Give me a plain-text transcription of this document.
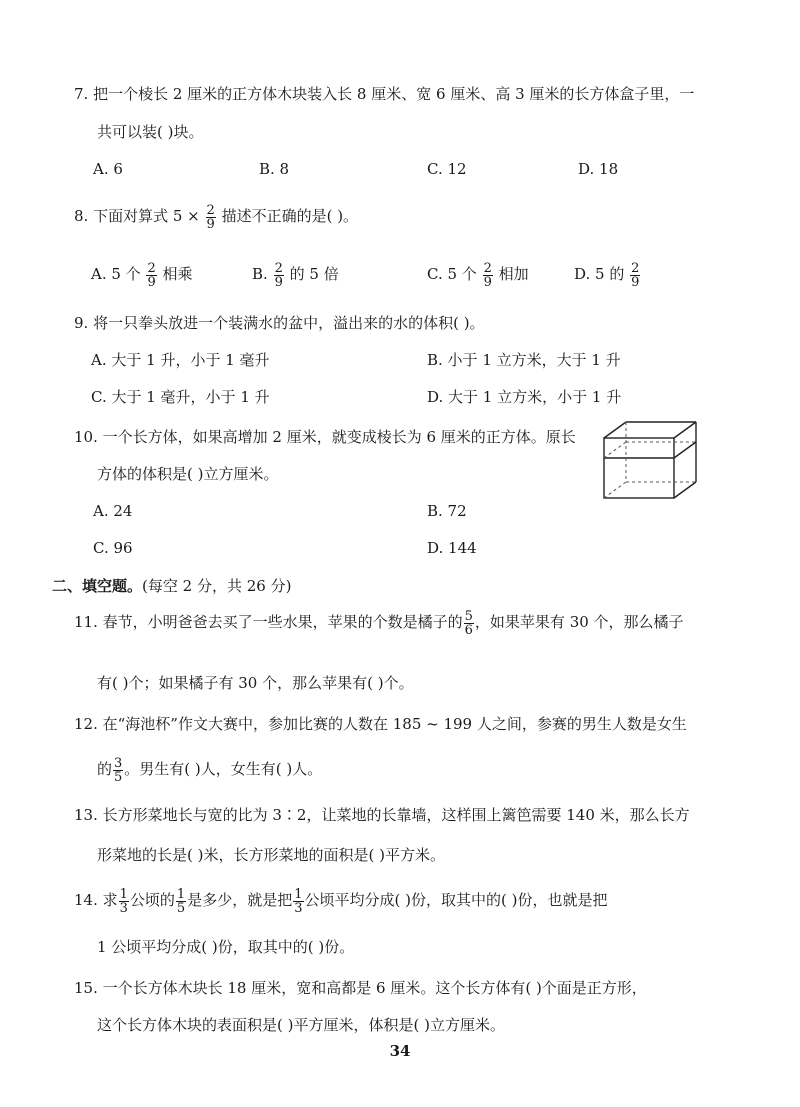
7. 把一个棱长 2 厘米的正方体木块装入长 8 厘米、宽 6 厘米、高 3 厘米的长方体盒子里，一
共可以装( )块。
A. 6	B. 8	C. 12	D. 18
8. 下面对算式 $5 \times \frac{2}{9}$ 描述不正确的是( )。
A. 5 个 $\frac{2}{9}$ 相乘	B. $\frac{2}{9}$ 的 5 倍	C. 5 个 $\frac{2}{9}$ 相加	D. 5 的 $\frac{2}{9}$
9. 将一只拳头放进一个装满水的盆中，溢出来的水的体积( )。
A. 大于 1 升，小于 1 毫升	B. 小于 1 立方米，大于 1 升
C. 大于 1 毫升，小于 1 升	D. 大于 1 立方米，小于 1 升
10. 一个长方体，如果高增加 2 厘米，就变成棱长为 6 厘米的正方体。原长
方体的体积是( )立方厘米。
A. 24	B. 72
C. 96	D. 144
二、填空题。(每空 2 分，共 26 分)
11. 春节，小明爸爸去买了一些水果，苹果的个数是橘子的 $\frac{5}{6}$ ，如果苹果有 30 个，那么橘子
有( )个；如果橘子有 30 个，那么苹果有( )个。
12. 在“海池杯”作文大赛中，参加比赛的人数在 185 ~ 199 人之间，参赛的男生人数是女生
的 $\frac{3}{5}$ 。男生有( )人，女生有( )人。
13. 长方形菜地长与宽的比为 3∶2，让菜地的长靠墙，这样围上篱笆需要 140 米，那么长方
形菜地的长是( )米，长方形菜地的面积是( )平方米。
14. 求 $\frac{1}{3}$ 公顷的 $\frac{1}{5}$ 是多少，就是把 $\frac{1}{3}$ 公顷平均分成( )份，取其中的( )份，也就是把
1 公顷平均分成( )份，取其中的( )份。
15. 一个长方体木块长 18 厘米，宽和高都是 6 厘米。这个长方体有( )个面是正方形，
这个长方体木块的表面积是( )平方厘米，体积是( )立方厘米。
34
